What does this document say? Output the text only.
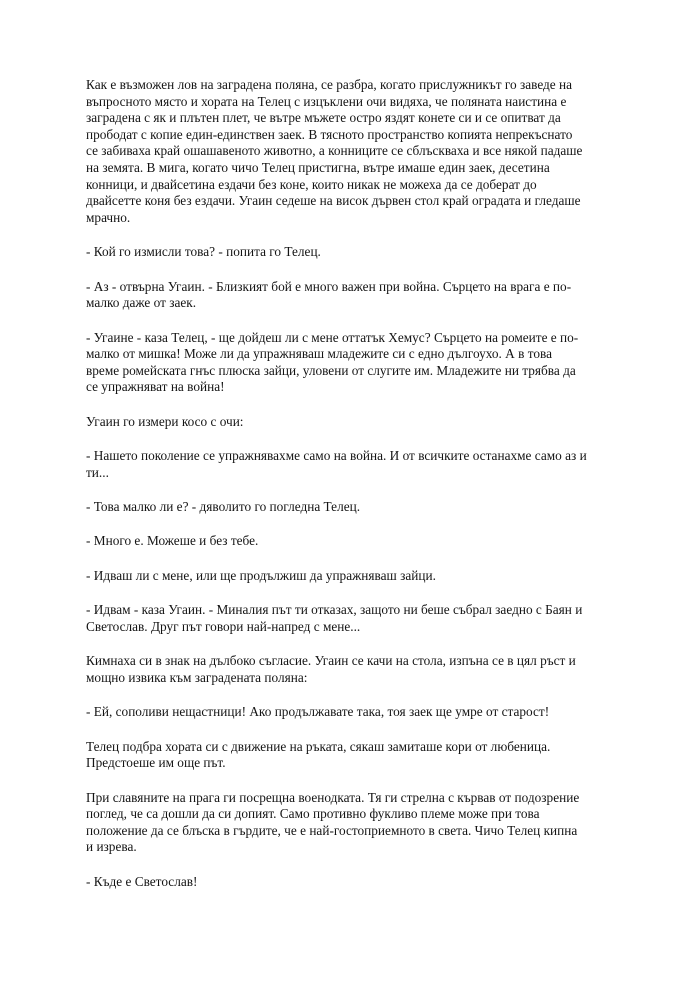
Как е възможен лов на заградена поляна, се разбра, когато прислужникът го заведе на
въпросното място и хората на Телец с изцъклени очи видяха, че поляната наистина е
заградена с як и плътен плет, че вътре мъжете остро яздят конете си и се опитват да
прободат с копие един-единствен заек. В тясното пространство копията непрекъснато
се забиваха край ошашавеното животно, а конниците се сблъскваха и все някой падаше
на земята. В мига, когато чичо Телец пристигна, вътре имаше един заек, десетина
конници, и двайсетина ездачи без коне, които никак не можеха да се доберат до
двайсетте коня без ездачи. Угаин седеше на висок дървен стол край оградата и гледаше
мрачно.

- Кой го измисли това? - попита го Телец.

- Аз - отвърна Угаин. - Близкият бой е много важен при война. Сърцето на врага е по-
малко даже от заек.

- Угаине - каза Телец, - ще дойдеш ли с мене оттатък Хемус? Сърцето на ромеите е по-
малко от мишка! Може ли да упражняваш младежите си с едно дългоухо. А в това
време ромейската гнъс плюска зайци, уловени от слугите им. Младежите ни трябва да
се упражняват на война!

Угаин го измери косо с очи:

- Нашето поколение се упражнявахме само на война. И от всичките останахме само аз и
ти...

- Това малко ли е? - дяволито го погледна Телец.

- Много е. Можеше и без тебе.

- Идваш ли с мене, или ще продължиш да упражняваш зайци.

- Идвам - каза Угаин. - Миналия път ти отказах, защото ни беше събрал заедно с Баян и
Светослав. Друг път говори най-напред с мене...

Кимнаха си в знак на дълбоко съгласие. Угаин се качи на стола, изпъна се в цял ръст и
мощно извика към заградената поляна:

- Ей, сополиви нещастници! Ако продължавате така, тоя заек ще умре от старост!

Телец подбра хората си с движение на ръката, сякаш замиташе кори от любеница.
Предстоеше им още път.

При славяните на прага ги посрещна военодката. Тя ги стрелна с кървав от подозрение
поглед, че са дошли да си допият. Само противно фукливо племе може при това
положение да се блъска в гърдите, че е най-гостоприемното в света. Чичо Телец кипна
и изрева.

- Къде е Светослав!
